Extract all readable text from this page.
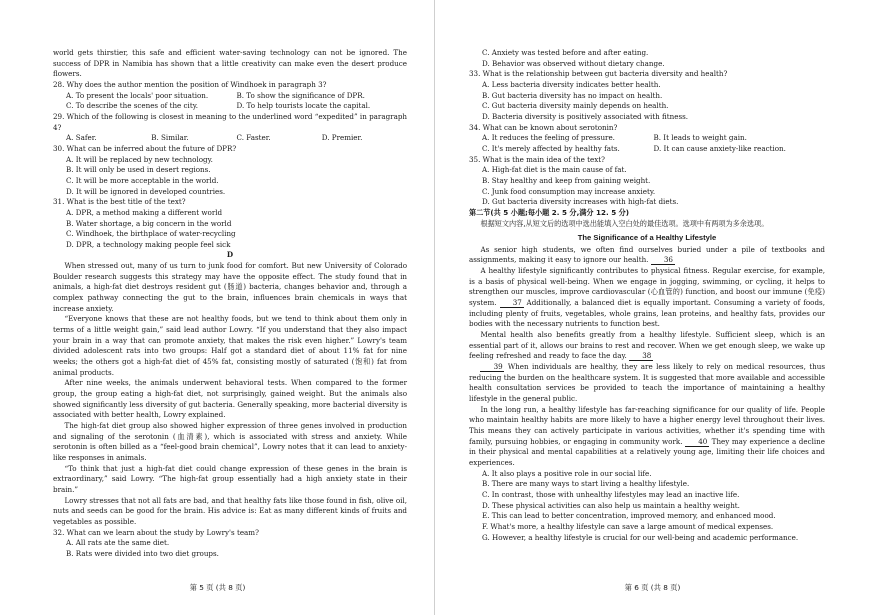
world gets thirstier, this safe and efficient water-saving technology can not be ignored. The success of DPR in Namibia has shown that a little creativity can make even the desert produce flowers.
28. Why does the author mention the position of Windhoek in paragraph 3?
A. To present the locals' poor situation.	B. To show the significance of DPR.
C. To describe the scenes of the city.	D. To help tourists locate the capital.
29. Which of the following is closest in meaning to the underlined word “expedited” in paragraph 4?
A. Safer.	B. Similar.	C. Faster.	D. Premier.
30. What can be inferred about the future of DPR?
A. It will be replaced by new technology.
B. It will only be used in desert regions.
C. It will be more acceptable in the world.
D. It will be ignored in developed countries.
31. What is the best title of the text?
A. DPR, a method making a different world
B. Water shortage, a big concern in the world
C. Windhoek, the birthplace of water-recycling
D. DPR, a technology making people feel sick
D
When stressed out, many of us turn to junk food for comfort. But new University of Colorado Boulder research suggests this strategy may have the opposite effect. The study found that in animals, a high-fat diet destroys resident gut (肠道) bacteria, changes behavior and, through a complex pathway connecting the gut to the brain, influences brain chemicals in ways that increase anxiety.
“Everyone knows that these are not healthy foods, but we tend to think about them only in terms of a little weight gain,” said lead author Lowry. “If you understand that they also impact your brain in a way that can promote anxiety, that makes the risk even higher.” Lowry's team divided adolescent rats into two groups: Half got a standard diet of about 11% fat for nine weeks; the others got a high-fat diet of 45% fat, consisting mostly of saturated (饱和) fat from animal products.
After nine weeks, the animals underwent behavioral tests. When compared to the former group, the group eating a high-fat diet, not surprisingly, gained weight. But the animals also showed significantly less diversity of gut bacteria. Generally speaking, more bacterial diversity is associated with better health, Lowry explained.
The high-fat diet group also showed higher expression of three genes involved in production and signaling of the serotonin (血清素), which is associated with stress and anxiety. While serotonin is often billed as a “feel-good brain chemical”, Lowry notes that it can lead to anxiety-like responses in animals.
“To think that just a high-fat diet could change expression of these genes in the brain is extraordinary,” said Lowry. “The high-fat group essentially had a high anxiety state in their brain.”
Lowry stresses that not all fats are bad, and that healthy fats like those found in fish, olive oil, nuts and seeds can be good for the brain. His advice is: Eat as many different kinds of fruits and vegetables as possible.
32. What can we learn about the study by Lowry's team?
A. All rats ate the same diet.
B. Rats were divided into two diet groups.
第 5 页 (共 8 页)
C. Anxiety was tested before and after eating.
D. Behavior was observed without dietary change.
33. What is the relationship between gut bacteria diversity and health?
A. Less bacteria diversity indicates better health.
B. Gut bacteria diversity has no impact on health.
C. Gut bacteria diversity mainly depends on health.
D. Bacteria diversity is positively associated with fitness.
34. What can be known about serotonin?
A. It reduces the feeling of pressure.	B. It leads to weight gain.
C. It's merely affected by healthy fats.	D. It can cause anxiety-like reaction.
35. What is the main idea of the text?
A. High-fat diet is the main cause of fat.
B. Stay healthy and keep from gaining weight.
C. Junk food consumption may increase anxiety.
D. Gut bacteria diversity increases with high-fat diets.
第二节(共 5 小题;每小题 2. 5 分,满分 12. 5 分)
根据短文内容,从短文后的选项中选出能填入空白处的最佳选项。选项中有两项为多余选项。
The Significance of a Healthy Lifestyle
As senior high students, we often find ourselves buried under a pile of textbooks and assignments, making it easy to ignore our health. 36
A healthy lifestyle significantly contributes to physical fitness. Regular exercise, for example, is a basis of physical well-being. When we engage in jogging, swimming, or cycling, it helps to strengthen our muscles, improve cardiovascular (心血管的) function, and boost our immune (免疫) system. 37 Additionally, a balanced diet is equally important. Consuming a variety of foods, including plenty of fruits, vegetables, whole grains, lean proteins, and healthy fats, provides our bodies with the necessary nutrients to function best.
Mental health also benefits greatly from a healthy lifestyle. Sufficient sleep, which is an essential part of it, allows our brains to rest and recover. When we get enough sleep, we wake up feeling refreshed and ready to face the day. 38
39 When individuals are healthy, they are less likely to rely on medical resources, thus reducing the burden on the healthcare system. It is suggested that more available and accessible health consultation services be provided to teach the importance of maintaining a healthy lifestyle in the general public.
In the long run, a healthy lifestyle has far-reaching significance for our quality of life. People who maintain healthy habits are more likely to have a higher energy level throughout their lives. This means they can actively participate in various activities, whether it's spending time with family, pursuing hobbies, or engaging in community work. 40 They may experience a decline in their physical and mental capabilities at a relatively young age, limiting their life choices and experiences.
A. It also plays a positive role in our social life.
B. There are many ways to start living a healthy lifestyle.
C. In contrast, those with unhealthy lifestyles may lead an inactive life.
D. These physical activities can also help us maintain a healthy weight.
E. This can lead to better concentration, improved memory, and enhanced mood.
F. What's more, a healthy lifestyle can save a large amount of medical expenses.
G. However, a healthy lifestyle is crucial for our well-being and academic performance.
第 6 页 (共 8 页)
